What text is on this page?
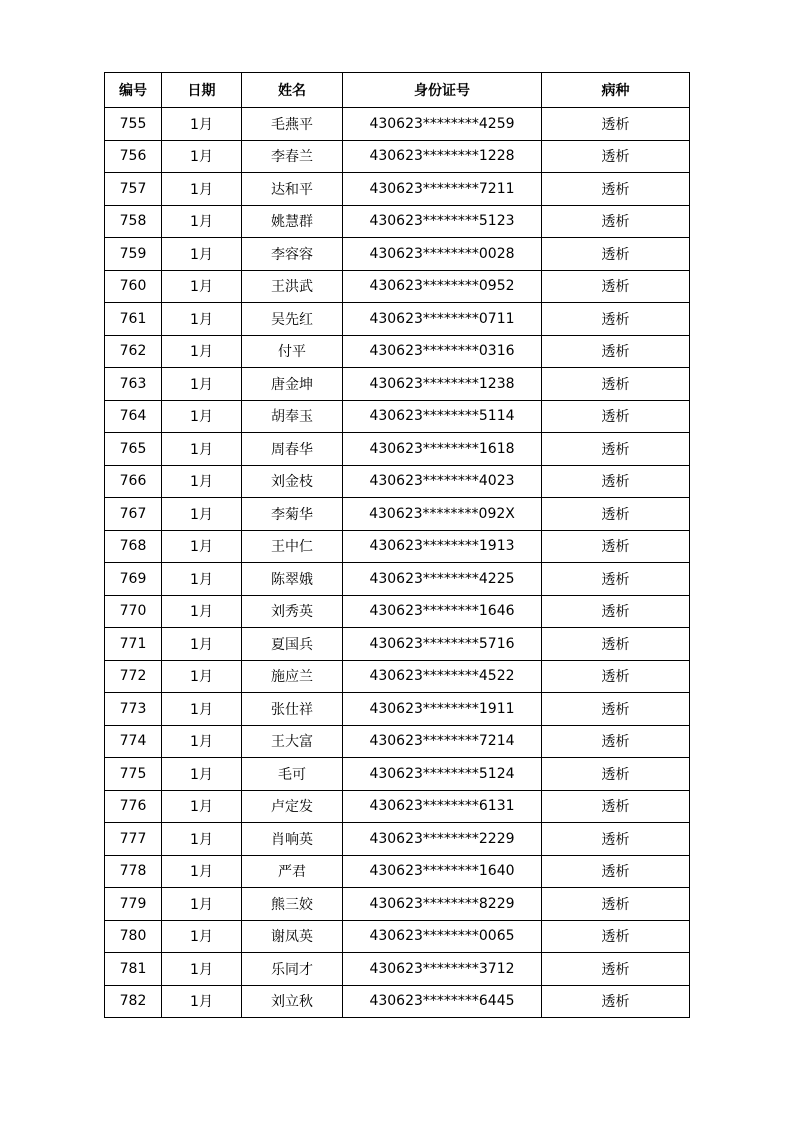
编号	日期	姓名	身份证号	病种
755	1月	毛燕平	430623********4259	透析
756	1月	李春兰	430623********1228	透析
757	1月	达和平	430623********7211	透析
758	1月	姚慧群	430623********5123	透析
759	1月	李容容	430623********0028	透析
760	1月	王洪武	430623********0952	透析
761	1月	吴先红	430623********0711	透析
762	1月	付平	430623********0316	透析
763	1月	唐金坤	430623********1238	透析
764	1月	胡奉玉	430623********5114	透析
765	1月	周春华	430623********1618	透析
766	1月	刘金枝	430623********4023	透析
767	1月	李菊华	430623********092X	透析
768	1月	王中仁	430623********1913	透析
769	1月	陈翠娥	430623********4225	透析
770	1月	刘秀英	430623********1646	透析
771	1月	夏国兵	430623********5716	透析
772	1月	施应兰	430623********4522	透析
773	1月	张仕祥	430623********1911	透析
774	1月	王大富	430623********7214	透析
775	1月	毛可	430623********5124	透析
776	1月	卢定发	430623********6131	透析
777	1月	肖响英	430623********2229	透析
778	1月	严君	430623********1640	透析
779	1月	熊三姣	430623********8229	透析
780	1月	谢凤英	430623********0065	透析
781	1月	乐同才	430623********3712	透析
782	1月	刘立秋	430623********6445	透析
